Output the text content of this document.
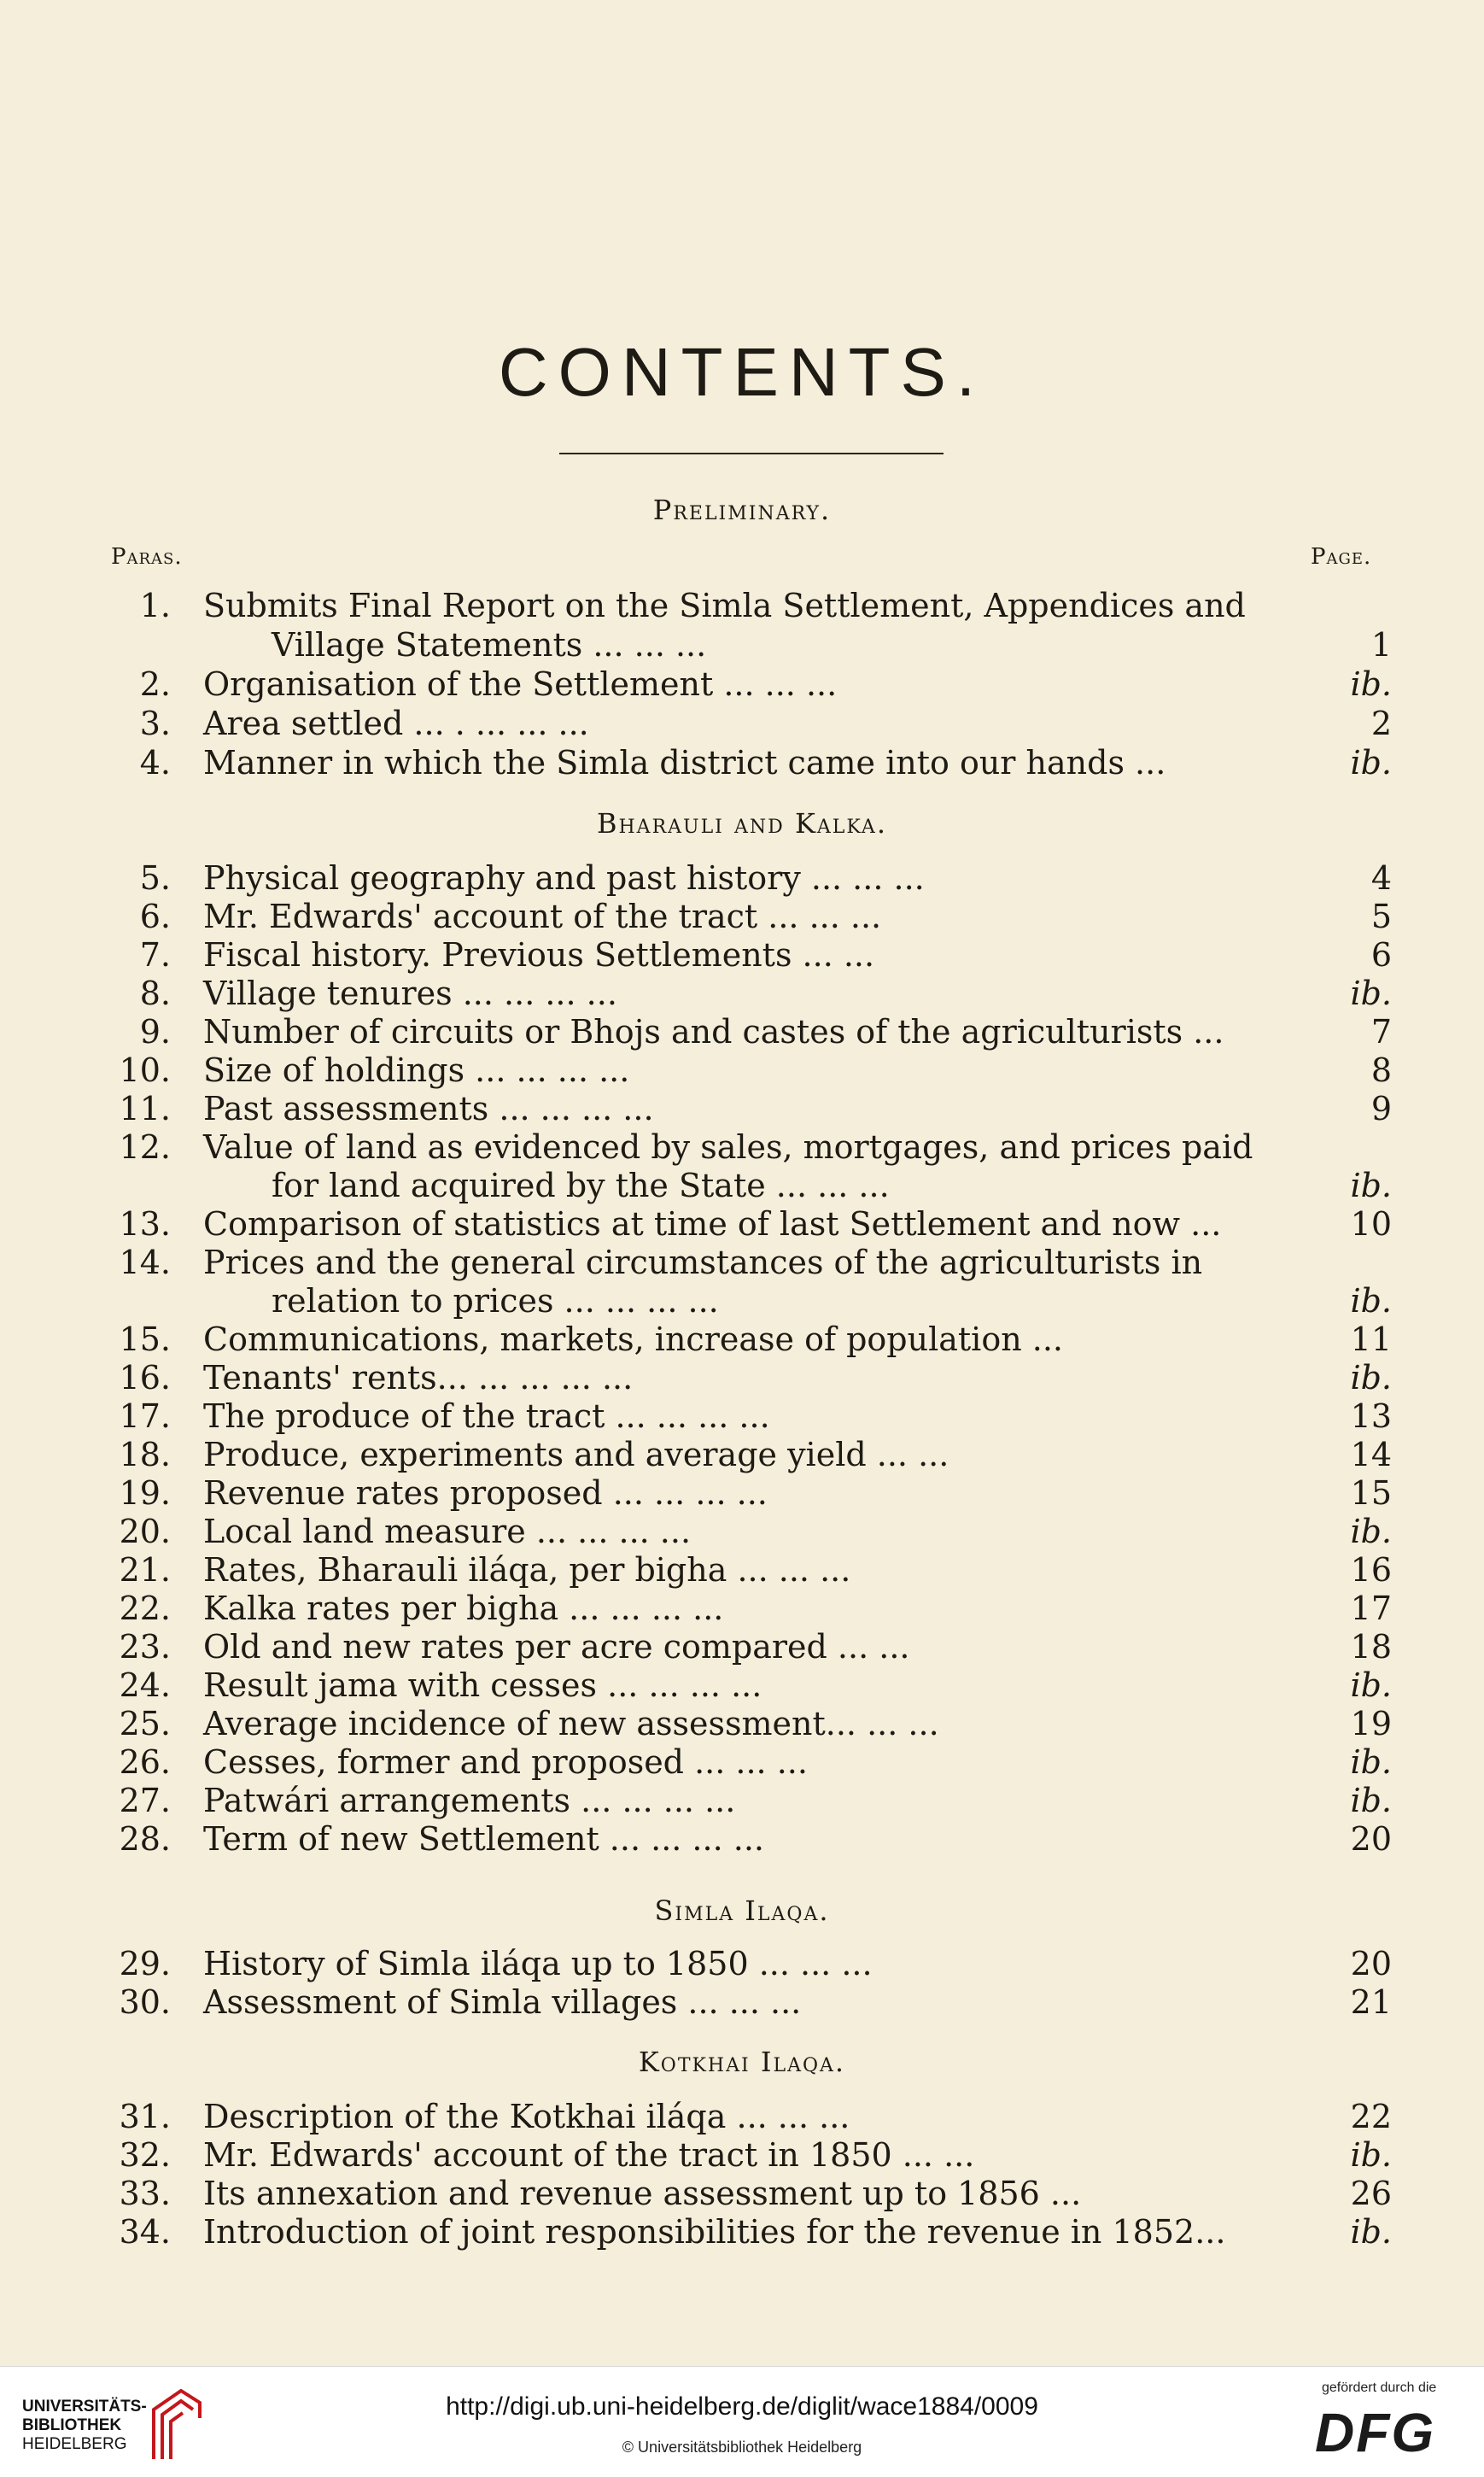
CONTENTS.
Preliminary.
Paras.	Page.
1. Submits Final Report on the Simla Settlement, Appendices and
Village Statements ... ... ...	1
2. Organisation of the Settlement ... ... ...	ib.
3. Area settled ... . ... ... ...	2
4. Manner in which the Simla district came into our hands ...	ib.
Bharauli and Kalka.
5. Physical geography and past history ... ... ...	4
6. Mr. Edwards' account of the tract ... ... ...	5
7. Fiscal history. Previous Settlements ... ...	6
8. Village tenures ... ... ... ...	ib.
9. Number of circuits or Bhojs and castes of the agriculturists ...	7
10. Size of holdings ... ... ... ...	8
11. Past assessments ... ... ... ...	9
12. Value of land as evidenced by sales, mortgages, and prices paid
for land acquired by the State ... ... ...	ib.
13. Comparison of statistics at time of last Settlement and now ...	10
14. Prices and the general circumstances of the agriculturists in
relation to prices ... ... ... ...	ib.
15. Communications, markets, increase of population ...	11
16. Tenants' rents... ... ... ... ...	ib.
17. The produce of the tract ... ... ... ...	13
18. Produce, experiments and average yield ... ...	14
19. Revenue rates proposed ... ... ... ...	15
20. Local land measure ... ... ... ...	ib.
21. Rates, Bharauli iláqa, per bigha ... ... ...	16
22. Kalka rates per bigha ... ... ... ...	17
23. Old and new rates per acre compared ... ...	18
24. Result jama with cesses ... ... ... ...	ib.
25. Average incidence of new assessment... ... ...	19
26. Cesses, former and proposed ... ... ...	ib.
27. Patwári arrangements ... ... ... ...	ib.
28. Term of new Settlement ... ... ... ...	20
Simla Ilaqa.
29. History of Simla iláqa up to 1850 ... ... ...	20
30. Assessment of Simla villages ... ... ...	21
Kotkhai Ilaqa.
31. Description of the Kotkhai iláqa ... ... ...	22
32. Mr. Edwards' account of the tract in 1850 ... ...	ib.
33. Its annexation and revenue assessment up to 1856 ...	26
34. Introduction of joint responsibilities for the revenue in 1852...	ib.
UNIVERSITÄTS-
BIBLIOTHEK
HEIDELBERG
http://digi.ub.uni-heidelberg.de/diglit/wace1884/0009
© Universitätsbibliothek Heidelberg
gefördert durch die
DFG
